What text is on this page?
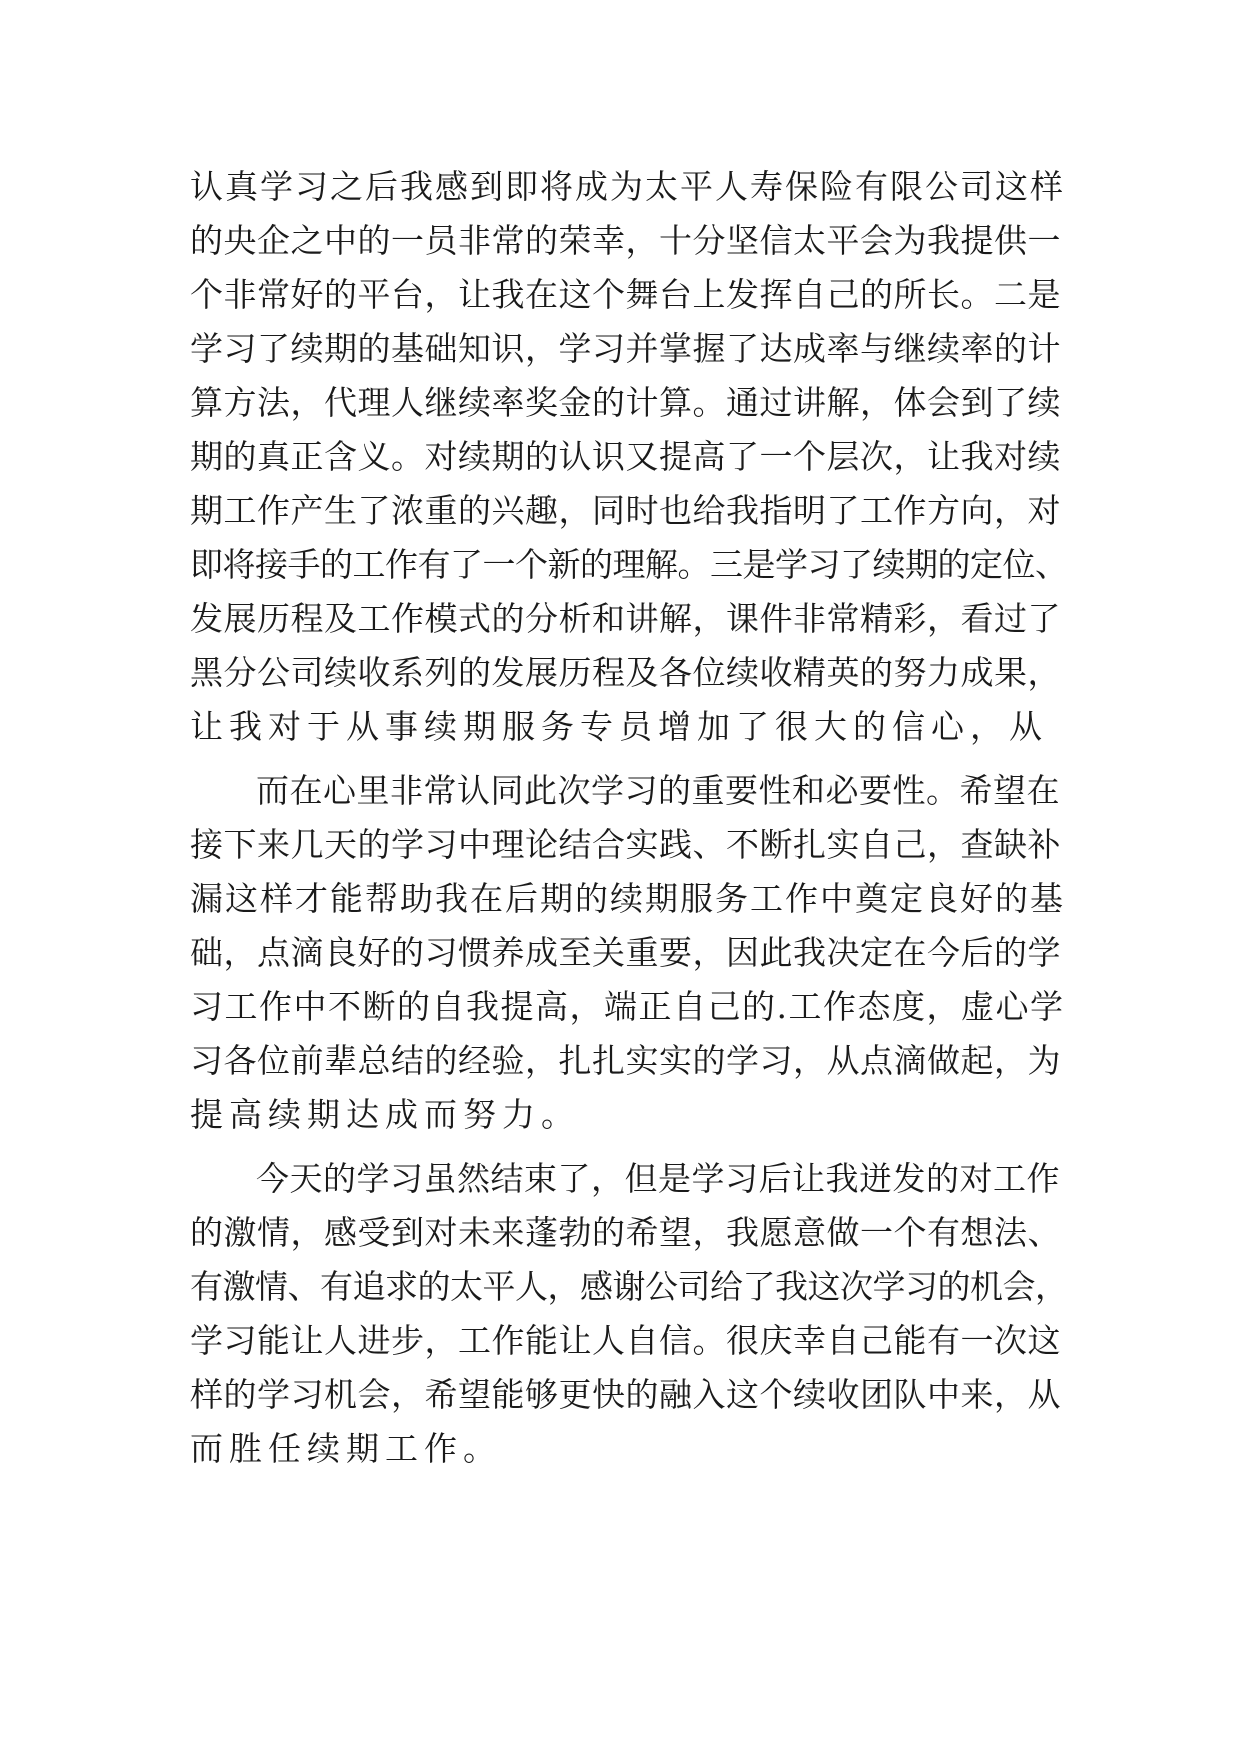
认真学习之后我感到即将成为太平人寿保险有限公司这样
的央企之中的一员非常的荣幸，十分坚信太平会为我提供一
个非常好的平台，让我在这个舞台上发挥自己的所长。二是
学习了续期的基础知识，学习并掌握了达成率与继续率的计
算方法，代理人继续率奖金的计算。通过讲解，体会到了续
期的真正含义。对续期的认识又提高了一个层次，让我对续
期工作产生了浓重的兴趣，同时也给我指明了工作方向，对
即将接手的工作有了一个新的理解。三是学习了续期的定位、
发展历程及工作模式的分析和讲解，课件非常精彩，看过了
黑分公司续收系列的发展历程及各位续收精英的努力成果，
让我对于从事续期服务专员增加了很大的信心，从
而在心里非常认同此次学习的重要性和必要性。希望在
接下来几天的学习中理论结合实践、不断扎实自己，查缺补
漏这样才能帮助我在后期的续期服务工作中奠定良好的基
础，点滴良好的习惯养成至关重要，因此我决定在今后的学
习工作中不断的自我提高，端正自己的.工作态度，虚心学
习各位前辈总结的经验，扎扎实实的学习，从点滴做起，为
提高续期达成而努力。
今天的学习虽然结束了，但是学习后让我迸发的对工作
的激情，感受到对未来蓬勃的希望，我愿意做一个有想法、
有激情、有追求的太平人，感谢公司给了我这次学习的机会，
学习能让人进步，工作能让人自信。很庆幸自己能有一次这
样的学习机会，希望能够更快的融入这个续收团队中来，从
而胜任续期工作。
